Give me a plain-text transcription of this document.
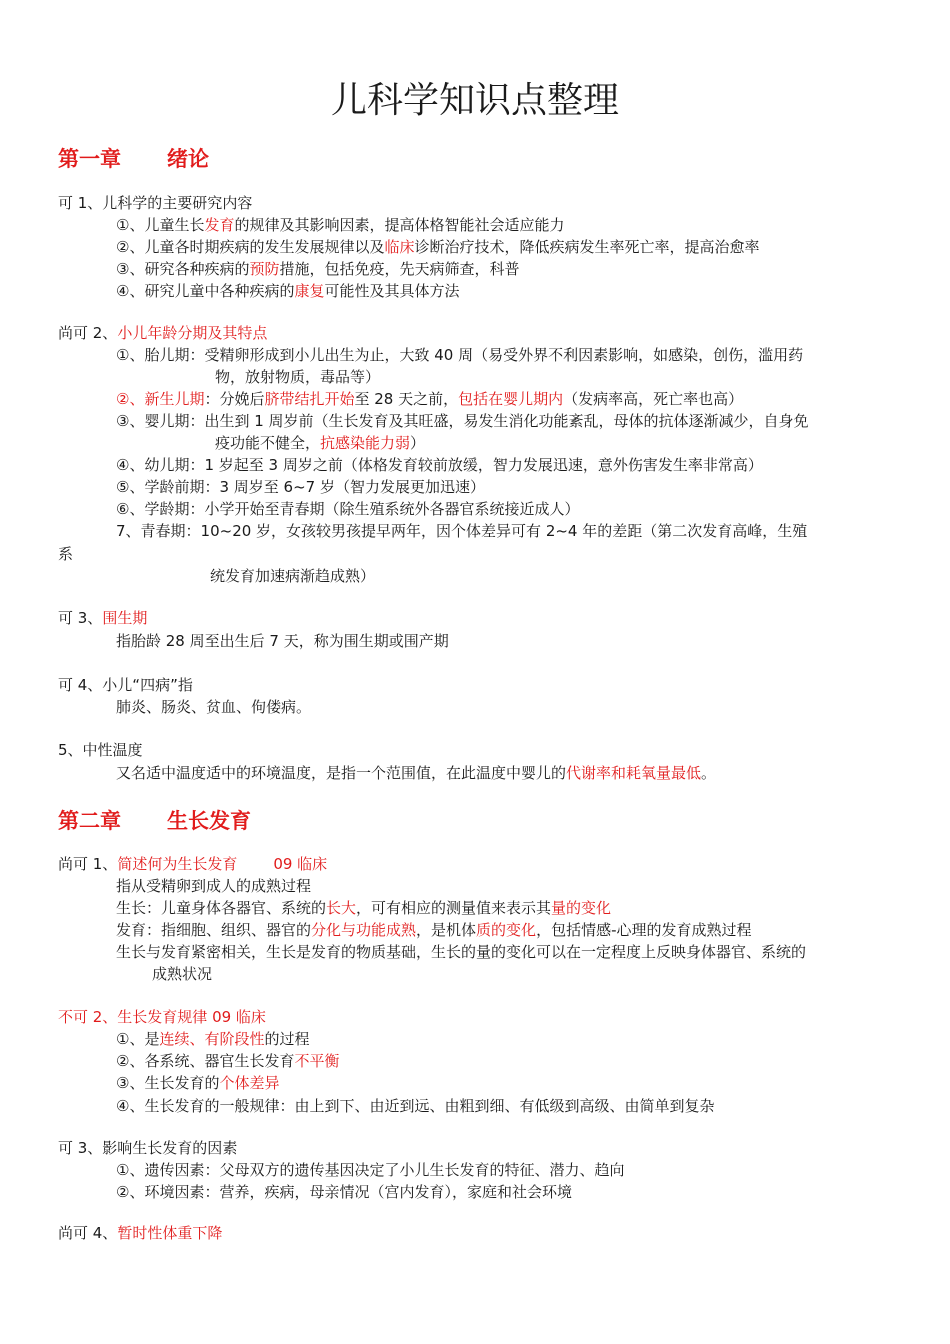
儿科学知识点整理
第一章 绪论

可 1、儿科学的主要研究内容

①、儿童生长发育的规律及其影响因素，提高体格智能社会适应能力

②、儿童各时期疾病的发生发展规律以及临床诊断治疗技术，降低疾病发生率死亡率，提高治愈率

③、研究各种疾病的预防措施，包括免疫，先天病筛查，科普

④、研究儿童中各种疾病的康复可能性及其具体方法

尚可 2、小儿年龄分期及其特点

①、胎儿期：受精卵形成到小儿出生为止，大致 40 周（易受外界不利因素影响，如感染，创伤，滥用药

物，放射物质，毒品等）

②、新生儿期：分娩后脐带结扎开始至 28 天之前，包括在婴儿期内（发病率高，死亡率也高）

③、婴儿期：出生到 1 周岁前（生长发育及其旺盛，易发生消化功能紊乱，母体的抗体逐渐减少，自身免

疫功能不健全，抗感染能力弱）

④、幼儿期：1 岁起至 3 周岁之前（体格发育较前放缓，智力发展迅速，意外伤害发生率非常高）

⑤、学龄前期：3 周岁至 6~7 岁（智力发展更加迅速）

⑥、学龄期：小学开始至青春期（除生殖系统外各器官系统接近成人）

7、青春期：10~20 岁，女孩较男孩提早两年，因个体差异可有 2~4 年的差距（第二次发育高峰，生殖

系

统发育加速病渐趋成熟）

可 3、围生期

指胎龄 28 周至出生后 7 天，称为围生期或围产期

可 4、小儿“四病”指

肺炎、肠炎、贫血、佝偻病。

5、中性温度

又名适中温度适中的环境温度，是指一个范围值，在此温度中婴儿的代谢率和耗氧量最低。

第二章 生长发育

尚可 1、简述何为生长发育 09 临床

指从受精卵到成人的成熟过程

生长：儿童身体各器官、系统的长大，可有相应的测量值来表示其量的变化

发育：指细胞、组织、器官的分化与功能成熟，是机体质的变化，包括情感-心理的发育成熟过程

生长与发育紧密相关，生长是发育的物质基础，生长的量的变化可以在一定程度上反映身体器官、系统的

成熟状况

不可 2、生长发育规律 09 临床

①、是连续、有阶段性的过程

②、各系统、器官生长发育不平衡

③、生长发育的个体差异

④、生长发育的一般规律：由上到下、由近到远、由粗到细、有低级到高级、由简单到复杂

可 3、影响生长发育的因素

①、遗传因素：父母双方的遗传基因决定了小儿生长发育的特征、潜力、趋向

②、环境因素：营养，疾病，母亲情况（宫内发育），家庭和社会环境

尚可 4、暂时性体重下降
